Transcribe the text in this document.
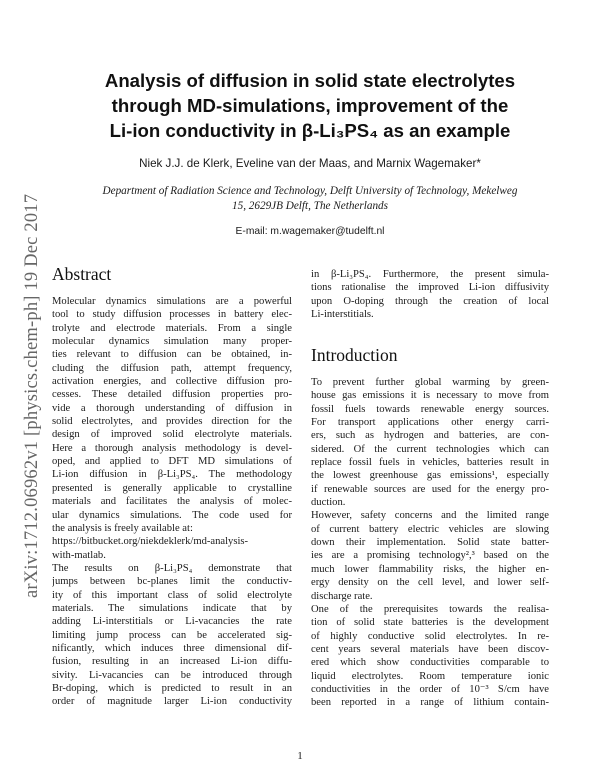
arXiv:1712.06962v1 [physics.chem-ph] 19 Dec 2017
Analysis of diffusion in solid state electrolytes
through MD-simulations, improvement of the
Li-ion conductivity in β-Li₃PS₄ as an example
Niek J.J. de Klerk, Eveline van der Maas, and Marnix Wagemaker*
Department of Radiation Science and Technology, Delft University of Technology, Mekelweg
15, 2629JB Delft, The Netherlands
E-mail: m.wagemaker@tudelft.nl
Abstract
Molecular dynamics simulations are a powerful
tool to study diffusion processes in battery elec-
trolyte and electrode materials. From a single
molecular dynamics simulation many proper-
ties relevant to diffusion can be obtained, in-
cluding the diffusion path, attempt frequency,
activation energies, and collective diffusion pro-
cesses. These detailed diffusion properties pro-
vide a thorough understanding of diffusion in
solid electrolytes, and provides direction for the
design of improved solid electrolyte materials.
Here a thorough analysis methodology is devel-
oped, and applied to DFT MD simulations of
Li-ion diffusion in β-Li₃PS₄. The methodology
presented is generally applicable to crystalline
materials and facilitates the analysis of molec-
ular dynamics simulations. The code used for
the analysis is freely available at:
https://bitbucket.org/niekdeklerk/md-analysis-
with-matlab.
The results on β-Li₃PS₄ demonstrate that
jumps between bc-planes limit the conductiv-
ity of this important class of solid electrolyte
materials. The simulations indicate that by
adding Li-interstitials or Li-vacancies the rate
limiting jump process can be accelerated sig-
nificantly, which induces three dimensional dif-
fusion, resulting in an increased Li-ion diffu-
sivity. Li-vacancies can be introduced through
Br-doping, which is predicted to result in an
order of magnitude larger Li-ion conductivity
in β-Li₃PS₄. Furthermore, the present simula-
tions rationalise the improved Li-ion diffusivity
upon O-doping through the creation of local
Li-interstitials.
Introduction
To prevent further global warming by green-
house gas emissions it is necessary to move from
fossil fuels towards renewable energy sources.
For transport applications other energy carri-
ers, such as hydrogen and batteries, are con-
sidered. Of the current technologies which can
replace fossil fuels in vehicles, batteries result in
the lowest greenhouse gas emissions¹, especially
if renewable sources are used for the energy pro-
duction.
However, safety concerns and the limited range
of current battery electric vehicles are slowing
down their implementation. Solid state batter-
ies are a promising technology²,³ based on the
much lower flammability risks, the higher en-
ergy density on the cell level, and lower self-
discharge rate.
One of the prerequisites towards the realisa-
tion of solid state batteries is the development
of highly conductive solid electrolytes. In re-
cent years several materials have been discov-
ered which show conductivities comparable to
liquid electrolytes. Room temperature ionic
conductivities in the order of 10⁻³ S/cm have
been reported in a range of lithium contain-
1
